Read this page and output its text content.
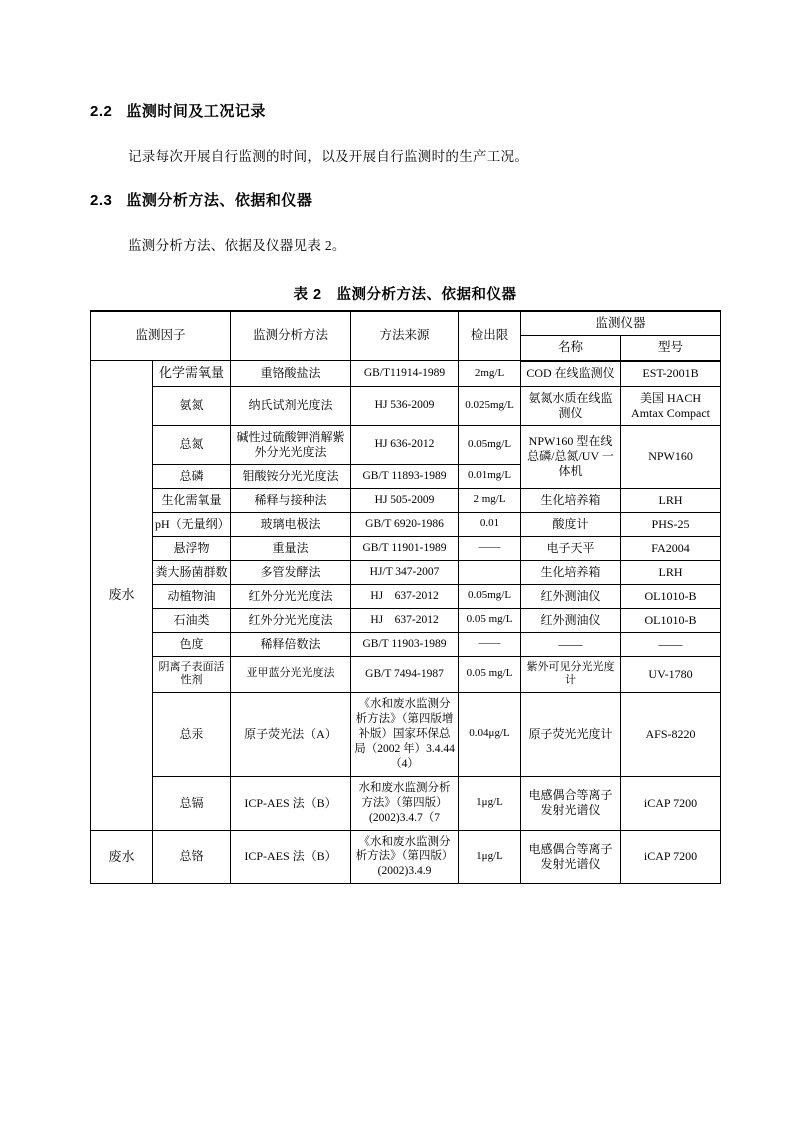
2.2 监测时间及工况记录

记录每次开展自行监测的时间，以及开展自行监测时的生产工况。

2.3 监测分析方法、依据和仪器

监测分析方法、依据及仪器见表 2。

表 2　监测分析方法、依据和仪器
监测因子		监测分析方法	方法来源	检出限	监测仪器	
					名称	型号
废水	化学需氧量	重铬酸盐法	GB/T11914-1989	2mg/L	COD 在线监测仪	EST-2001B
	氨氮	纳氏试剂光度法	HJ 536-2009	0.025mg/L	氨氮水质在线监测仪	美国 HACH Amtax Compact
	总氮	碱性过硫酸钾消解紫外分光光度法	HJ 636-2012	0.05mg/L	NPW160 型在线总磷/总氮/UV 一体机	NPW160
	总磷	钼酸铵分光光度法	GB/T 11893-1989	0.01mg/L		
	生化需氧量	稀释与接种法	HJ 505-2009	2 mg/L	生化培养箱	LRH
	pH（无量纲）	玻璃电极法	GB/T 6920-1986	0.01	酸度计	PHS-25
	悬浮物	重量法	GB/T 11901-1989	——	电子天平	FA2004
	粪大肠菌群数	多管发酵法	HJ/T 347-2007		生化培养箱	LRH
	动植物油	红外分光光度法	HJ　637-2012	0.05mg/L	红外测油仪	OL1010-B
	石油类	红外分光光度法	HJ　637-2012	0.05 mg/L	红外测油仪	OL1010-B
	色度	稀释倍数法	GB/T 11903-1989	——	——	——
	阴离子表面活性剂	亚甲蓝分光光度法	GB/T 7494-1987	0.05 mg/L	紫外可见分光光度计	UV-1780
	总汞	原子荧光法（A）	《水和废水监测分析方法》（第四版增补版）国家环保总局（2002 年）3.4.44（4）	0.04μg/L	原子荧光光度计	AFS-8220
	总镉	ICP-AES 法（B）	水和废水监测分析方法》（第四版）(2002)3.4.7（7	1μg/L	电感偶合等离子发射光谱仪	iCAP 7200
废水	总铬	ICP-AES 法（B）	《水和废水监测分析方法》（第四版）(2002)3.4.9	1μg/L	电感偶合等离子发射光谱仪	iCAP 7200
